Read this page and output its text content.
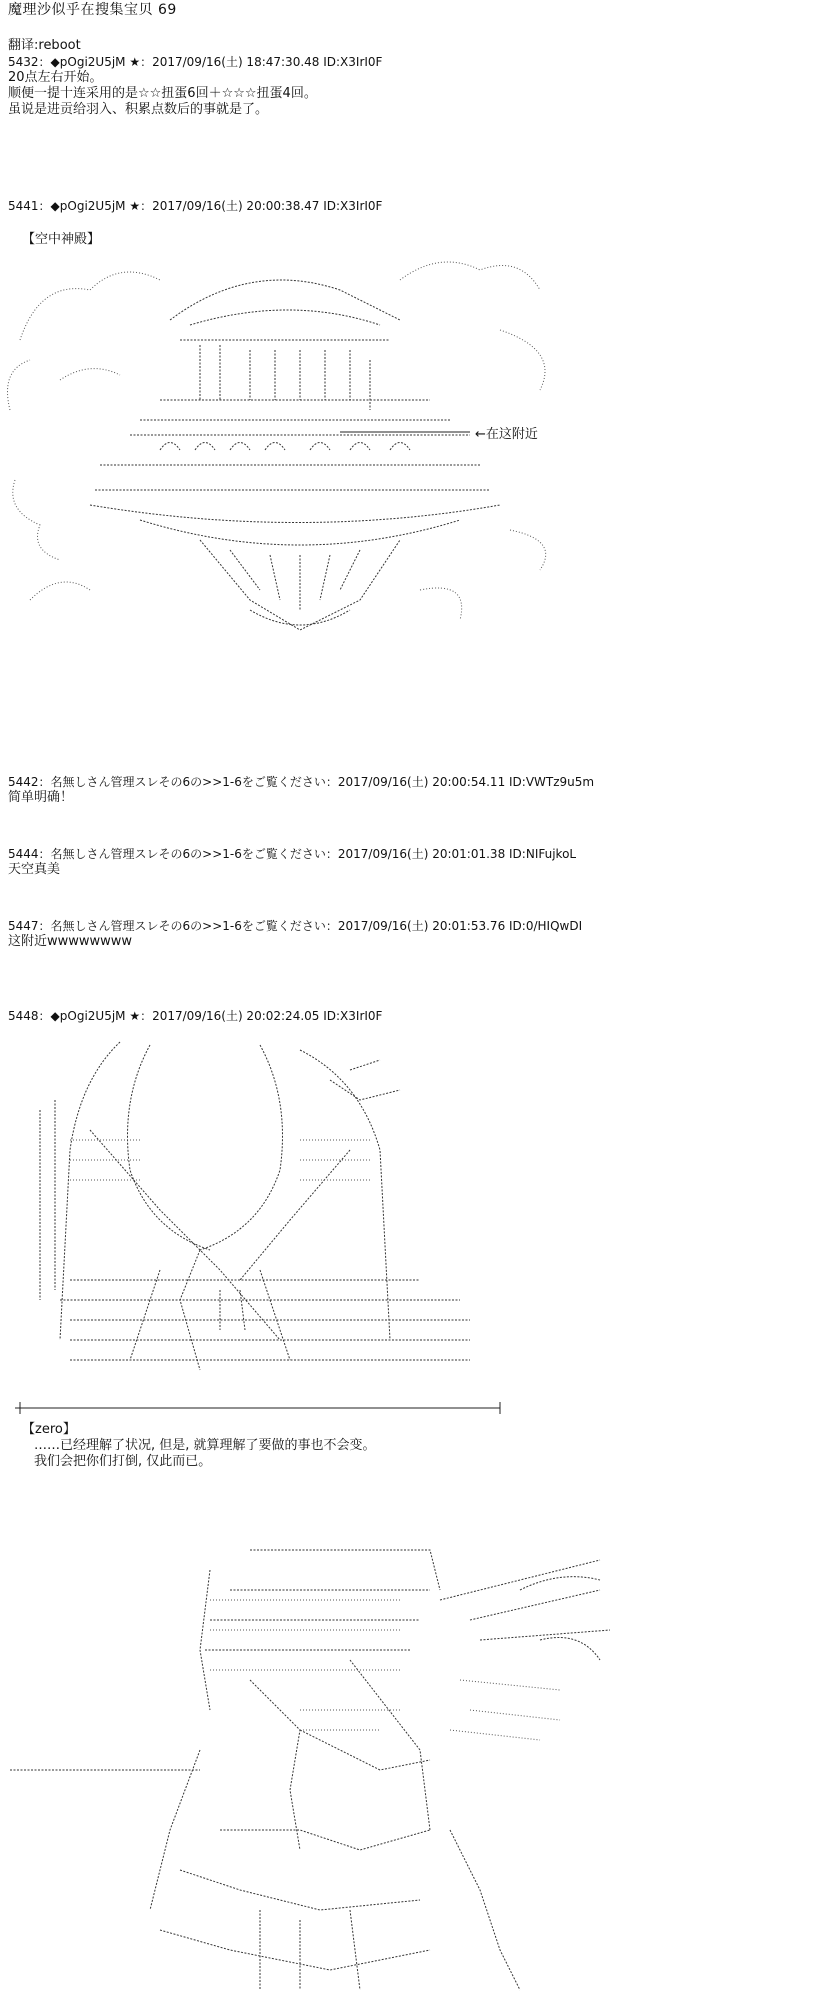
魔理沙似乎在搜集宝贝 69
翻译:reboot
5432：◆pOgi2U5jM ★：2017/09/16(土) 18:47:30.48 ID:X3IrI0F
20点左右开始。
顺便一提十连采用的是☆☆扭蛋6回＋☆☆☆扭蛋4回。
虽说是进贡给羽入、积累点数后的事就是了。
5441：◆pOgi2U5jM ★：2017/09/16(土) 20:00:38.47 ID:X3IrI0F
【空中神殿】
←在这附近
5442：名無しさん管理スレその6の>>1-6をご覧ください：2017/09/16(土) 20:00:54.11 ID:VWTz9u5m
简单明确！
5444：名無しさん管理スレその6の>>1-6をご覧ください：2017/09/16(土) 20:01:01.38 ID:NIFujkoL
天空真美
5447：名無しさん管理スレその6の>>1-6をご覧ください：2017/09/16(土) 20:01:53.76 ID:0/HIQwDI
这附近wwwwwwww
5448：◆pOgi2U5jM ★：2017/09/16(土) 20:02:24.05 ID:X3IrI0F
【zero】
……已经理解了状况, 但是, 就算理解了要做的事也不会变。
我们会把你们打倒, 仅此而已。
